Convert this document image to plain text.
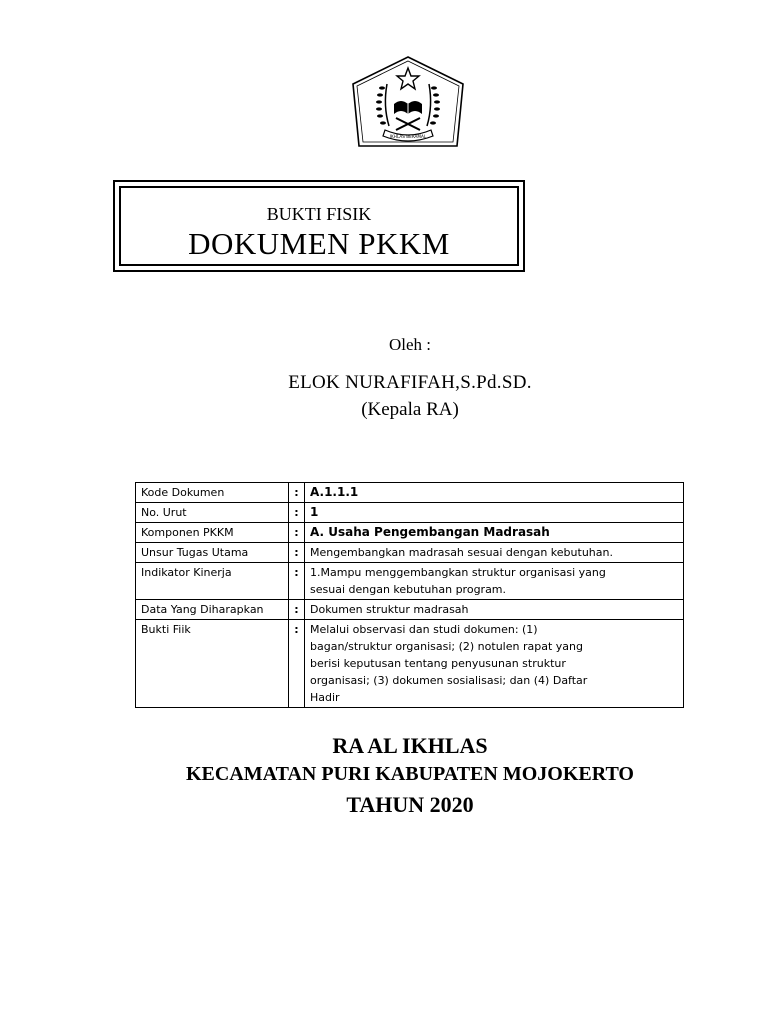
IKHLAS BERAMAL
BUKTI FISIK
DOKUMEN PKKM
Oleh :
ELOK NURAFIFAH,S.Pd.SD.
(Kepala RA)
Kode Dokumen	:	A.1.1.1

No. Urut	:	1

Komponen PKKM	:	A. Usaha Pengembangan Madrasah

Unsur Tugas Utama	:	Mengembangkan madrasah sesuai dengan kebutuhan.

Indikator Kinerja	:	1.Mampu menggembangkan struktur organisasi yang
sesuai dengan kebutuhan program.

Data Yang Diharapkan	:	Dokumen struktur madrasah

Bukti Fiik	:	Melalui observasi dan studi dokumen: (1)
bagan/struktur organisasi; (2) notulen rapat yang
berisi keputusan tentang penyusunan struktur
organisasi; (3) dokumen sosialisasi; dan (4) Daftar
Hadir
RA AL IKHLAS
KECAMATAN PURI KABUPATEN MOJOKERTO
TAHUN 2020
